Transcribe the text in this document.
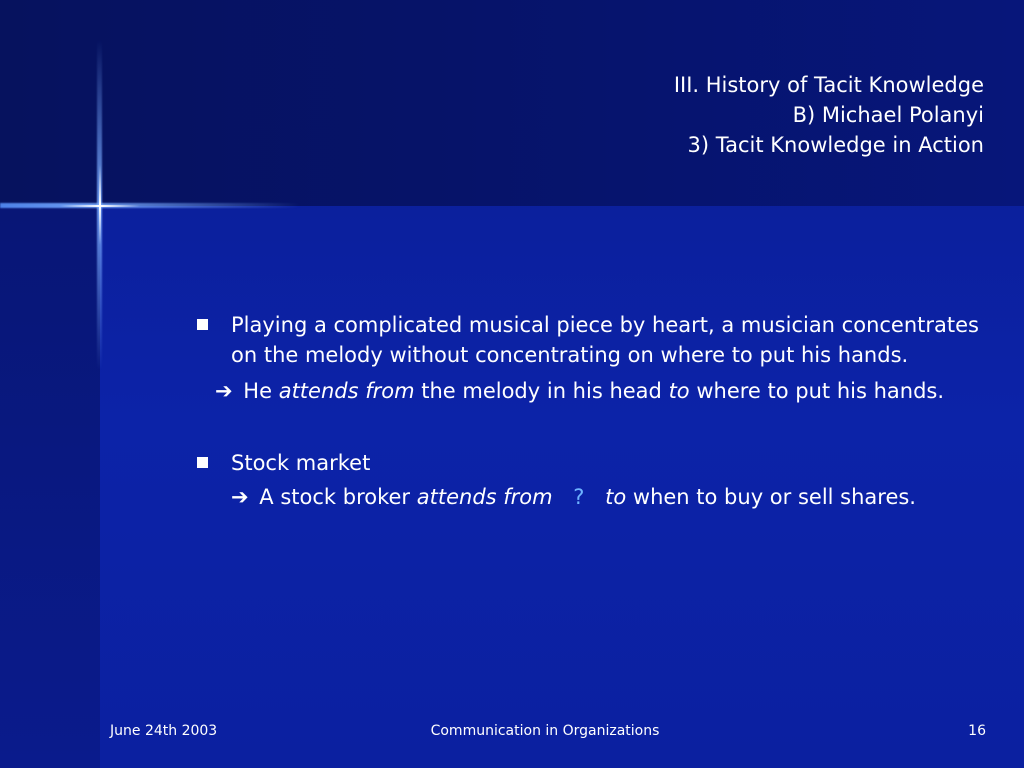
III. History of Tacit Knowledge
B) Michael Polanyi
3) Tacit Knowledge in Action
Playing a complicated musical piece by heart, a musician concentrates on the melody without concentrating on where to put his hands.
➔ He attends from the melody in his head to where to put his hands.
Stock market
➔ A stock broker attends from ? to when to buy or sell shares.
June 24th 2003	Communication in Organizations	16
